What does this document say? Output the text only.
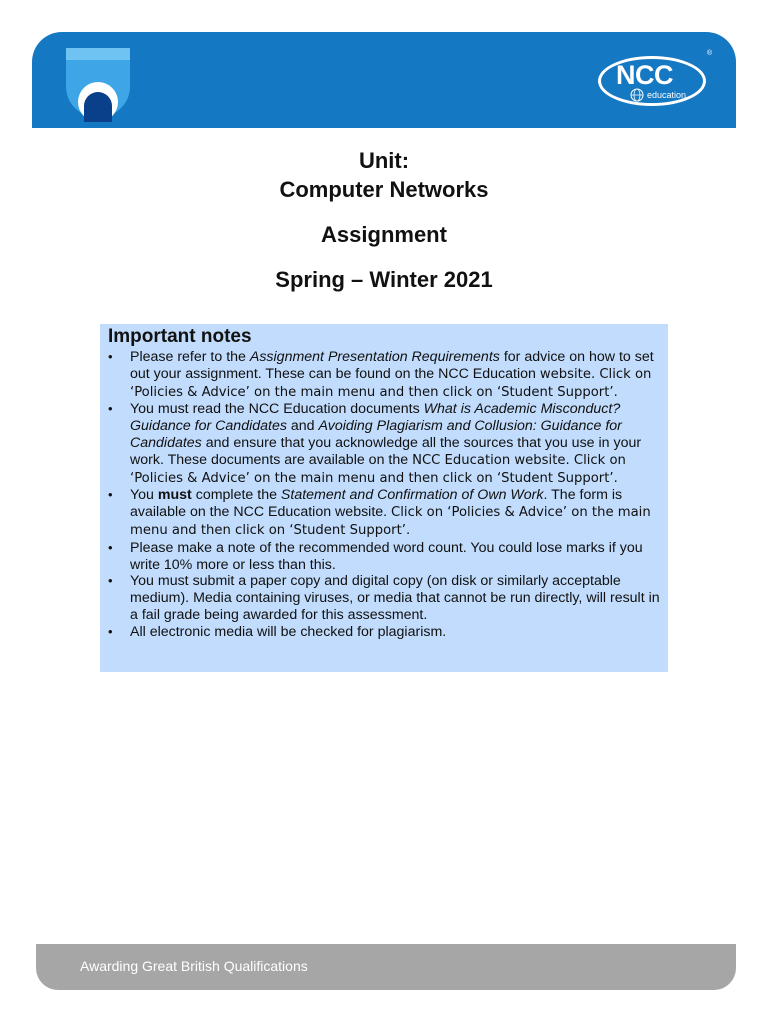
NCC
education
®
Unit:
Computer Networks
Assignment
Spring – Winter 2021
Important notes
• Please refer to the Assignment Presentation Requirements for advice on how to set out your assignment. These can be found on the NCC Education website. Click on ‘Policies & Advice’ on the main menu and then click on ‘Student Support’.
• You must read the NCC Education documents What is Academic Misconduct? Guidance for Candidates and Avoiding Plagiarism and Collusion: Guidance for Candidates and ensure that you acknowledge all the sources that you use in your work. These documents are available on the NCC Education website. Click on ‘Policies & Advice’ on the main menu and then click on ‘Student Support’.
• You must complete the Statement and Confirmation of Own Work. The form is available on the NCC Education website. Click on ‘Policies & Advice’ on the main menu and then click on ‘Student Support’.
• Please make a note of the recommended word count. You could lose marks if you write 10% more or less than this.
• You must submit a paper copy and digital copy (on disk or similarly acceptable medium). Media containing viruses, or media that cannot be run directly, will result in a fail grade being awarded for this assessment.
• All electronic media will be checked for plagiarism.
Awarding Great British Qualifications
